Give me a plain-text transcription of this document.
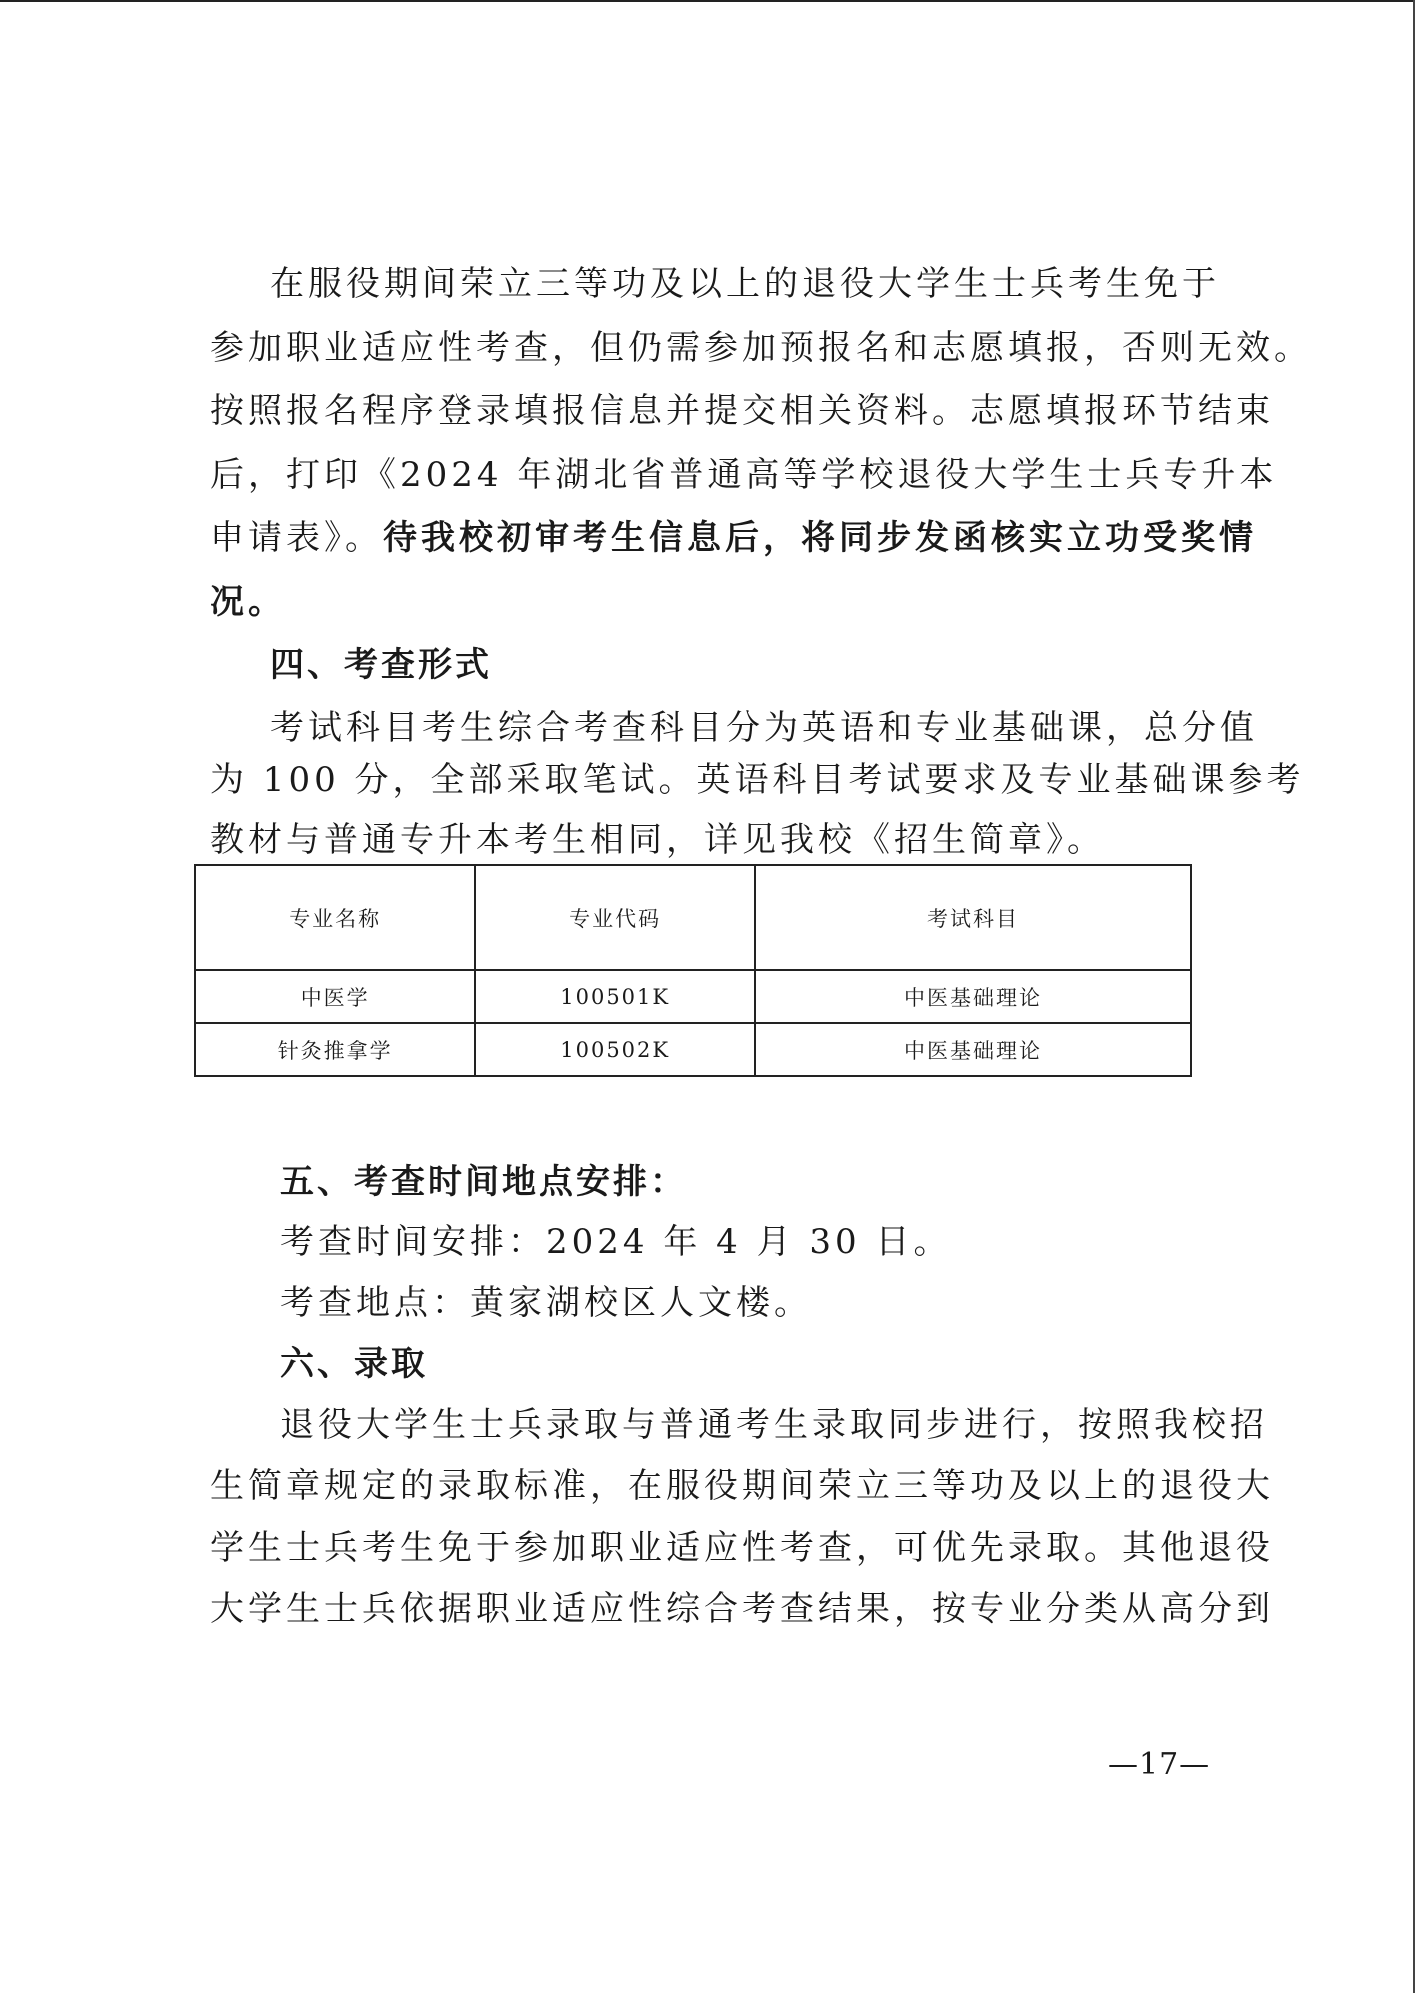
在服役期间荣立三等功及以上的退役大学生士兵考生免于
参加职业适应性考查，但仍需参加预报名和志愿填报，否则无效。
按照报名程序登录填报信息并提交相关资料。志愿填报环节结束
后，打印《2024 年湖北省普通高等学校退役大学生士兵专升本
申请表》。待我校初审考生信息后，将同步发函核实立功受奖情
况。
四、考查形式
考试科目考生综合考查科目分为英语和专业基础课，总分值
为 100 分，全部采取笔试。英语科目考试要求及专业基础课参考
教材与普通专升本考生相同，详见我校《招生简章》。
专业名称	专业代码	考试科目
中医学	100501K	中医基础理论
针灸推拿学	100502K	中医基础理论
五、考查时间地点安排：
考查时间安排：2024 年 4 月 30 日。
考查地点：黄家湖校区人文楼。
六、录取
退役大学生士兵录取与普通考生录取同步进行，按照我校招
生简章规定的录取标准，在服役期间荣立三等功及以上的退役大
学生士兵考生免于参加职业适应性考查，可优先录取。其他退役
大学生士兵依据职业适应性综合考查结果，按专业分类从高分到
—17—
